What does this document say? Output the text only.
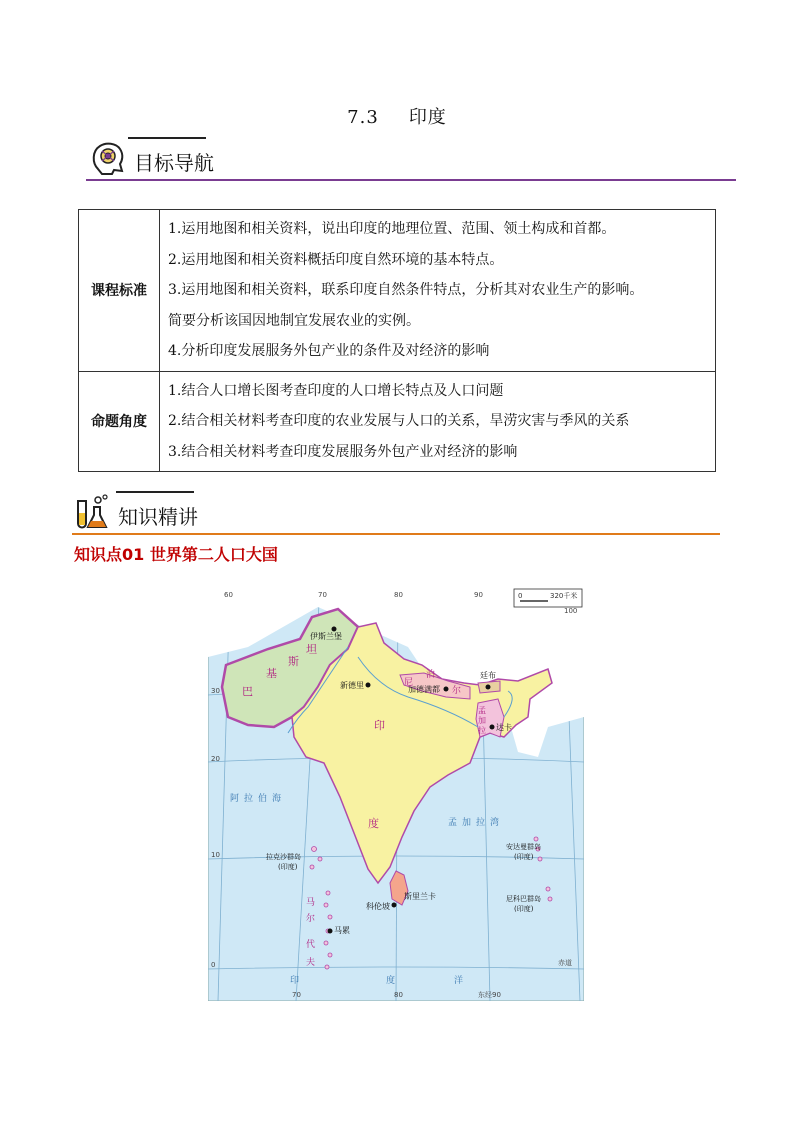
7.3 印度
目标导航
课程标准	1.运用地图和相关资料，说出印度的地理位置、范围、领土构成和首都。

2.运用地图和相关资料概括印度自然环境的基本特点。

3.运用地图和相关资料，联系印度自然条件特点，分析其对农业生产的影响。

简要分析该国因地制宜发展农业的实例。

4.分析印度发展服务外包产业的条件及对经济的影响

命题角度	1.结合人口增长图考查印度的人口增长特点及人口问题

2.结合相关材料考查印度的农业发展与人口的关系，旱涝灾害与季风的关系

3.结合相关材料考查印度发展服务外包产业对经济的影响

知识精讲
知识点01 世界第二人口大国
0	320千米
60	70	80	90
100
30
20
10
0
70	80	东经90
赤道
伊斯兰堡
新德里	加德满都
廷布
达卡
科伦坡
马累
巴
基
斯
坦
印
度
尼
泊
尔
斯里兰卡
马
尔
代
夫
孟
加
拉
阿 拉 伯 海
孟 加 拉 湾
印	度	洋
拉克沙群岛
(印度)
安达曼群岛
(印度)
尼科巴群岛
(印度)
